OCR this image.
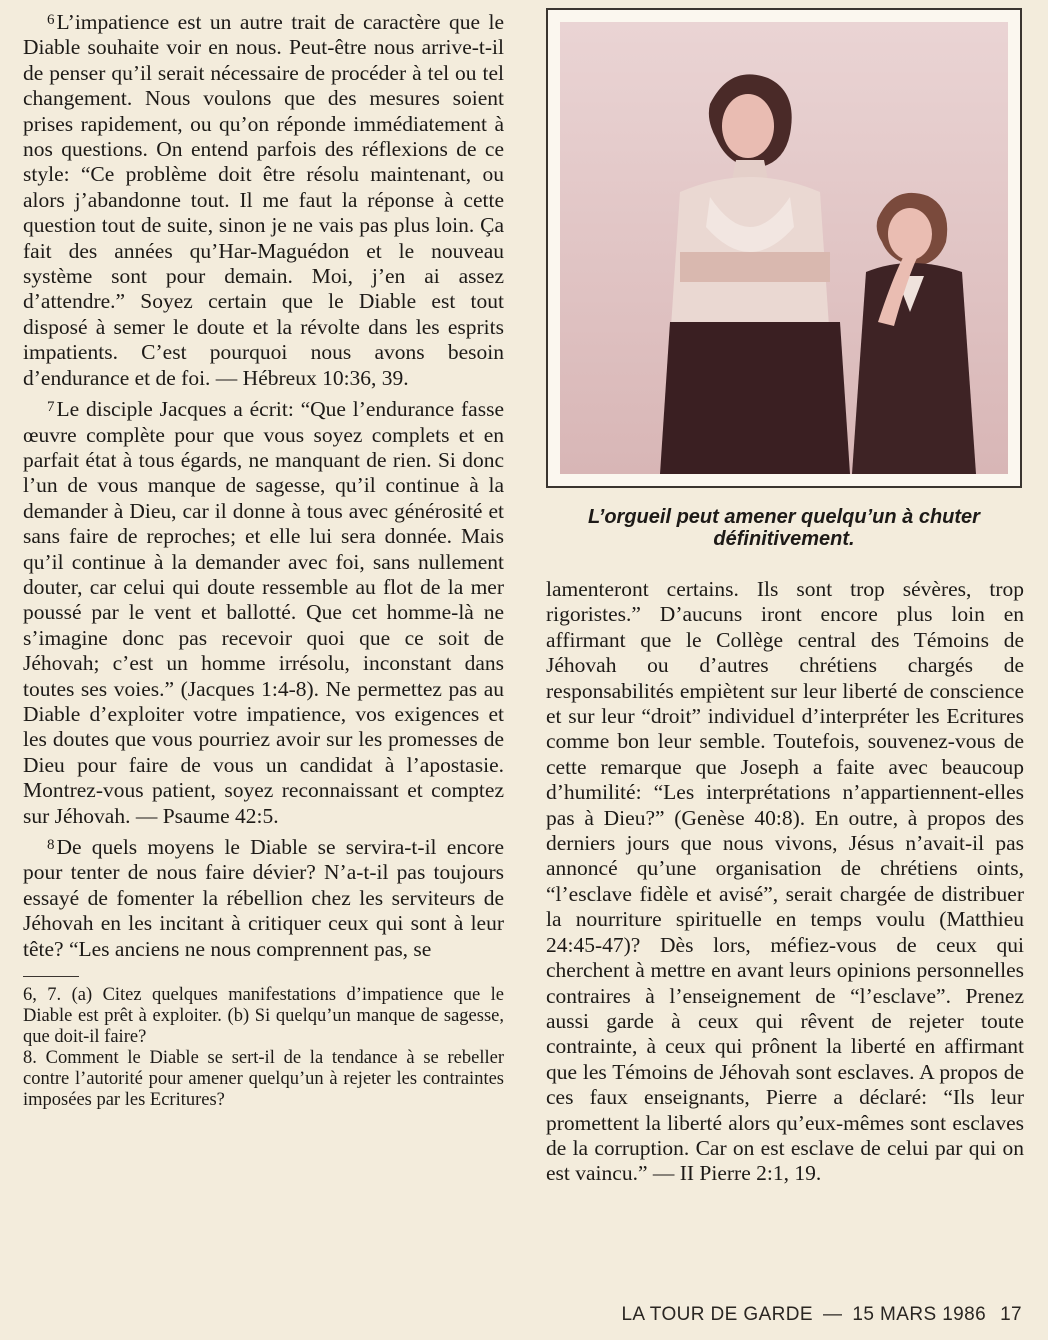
$^6$L’impatience est un autre trait de caractère que le Diable souhaite voir en nous. Peut-être nous arrive-t-il de penser qu’il serait nécessaire de procéder à tel ou tel changement. Nous voulons que des mesures soient prises rapidement, ou qu’on réponde immédiatement à nos questions. On entend parfois des réflexions de ce style: “Ce problème doit être résolu maintenant, ou alors j’abandonne tout. Il me faut la réponse à cette question tout de suite, sinon je ne vais pas plus loin. Ça fait des années qu’Har-Maguédon et le nouveau système sont pour demain. Moi, j’en ai assez d’attendre.” Soyez certain que le Diable est tout disposé à semer le doute et la révolte dans les esprits impatients. C’est pourquoi nous avons besoin d’endurance et de foi. — Hébreux 10:36, 39.

$^7$Le disciple Jacques a écrit: “Que l’endurance fasse œuvre complète pour que vous soyez complets et en parfait état à tous égards, ne manquant de rien. Si donc l’un de vous manque de sagesse, qu’il continue à la demander à Dieu, car il donne à tous avec générosité et sans faire de reproches; et elle lui sera donnée. Mais qu’il continue à la demander avec foi, sans nullement douter, car celui qui doute ressemble au flot de la mer poussé par le vent et ballotté. Que cet homme-là ne s’imagine donc pas recevoir quoi que ce soit de Jéhovah; c’est un homme irrésolu, inconstant dans toutes ses voies.” (Jacques 1:4-8). Ne permettez pas au Diable d’exploiter votre impatience, vos exigences et les doutes que vous pourriez avoir sur les promesses de Dieu pour faire de vous un candidat à l’apostasie. Montrez-vous patient, soyez reconnaissant et comptez sur Jéhovah. — Psaume 42:5.

$^8$De quels moyens le Diable se servira-t-il encore pour tenter de nous faire dévier? N’a-t-il pas toujours essayé de fomenter la rébellion chez les serviteurs de Jéhovah en les incitant à critiquer ceux qui sont à leur tête? “Les anciens ne nous comprennent pas, se

6, 7. (a) Citez quelques manifestations d’impatience que le Diable est prêt à exploiter. (b) Si quelqu’un manque de sagesse, que doit-il faire?

8. Comment le Diable se sert-il de la tendance à se rebeller contre l’autorité pour amener quelqu’un à rejeter les contraintes imposées par les Ecritures?

L’orgueil peut amener quelqu’un à chuter définitivement.

lamenteront certains. Ils sont trop sévères, trop rigoristes.” D’aucuns iront encore plus loin en affirmant que le Collège central des Témoins de Jéhovah ou d’autres chrétiens chargés de responsabilités empiètent sur leur liberté de conscience et sur leur “droit” individuel d’interpréter les Ecritures comme bon leur semble. Toutefois, souvenez-vous de cette remarque que Joseph a faite avec beaucoup d’humilité: “Les interprétations n’appartiennent-elles pas à Dieu?” (Genèse 40:8). En outre, à propos des derniers jours que nous vivons, Jésus n’avait-il pas annoncé qu’une organisation de chrétiens oints, “l’esclave fidèle et avisé”, serait chargée de distribuer la nourriture spirituelle en temps voulu (Matthieu 24:45-47)? Dès lors, méfiez-vous de ceux qui cherchent à mettre en avant leurs opinions personnelles contraires à l’enseignement de “l’esclave”. Prenez aussi garde à ceux qui rêvent de rejeter toute contrainte, à ceux qui prônent la liberté en affirmant que les Témoins de Jéhovah sont esclaves. A propos de ces faux enseignants, Pierre a déclaré: “Ils leur promettent la liberté alors qu’eux-mêmes sont esclaves de la corruption. Car on est esclave de celui par qui on est vaincu.” — II Pierre 2:1, 19.

LA TOUR DE GARDE — 15 MARS 1986 17
